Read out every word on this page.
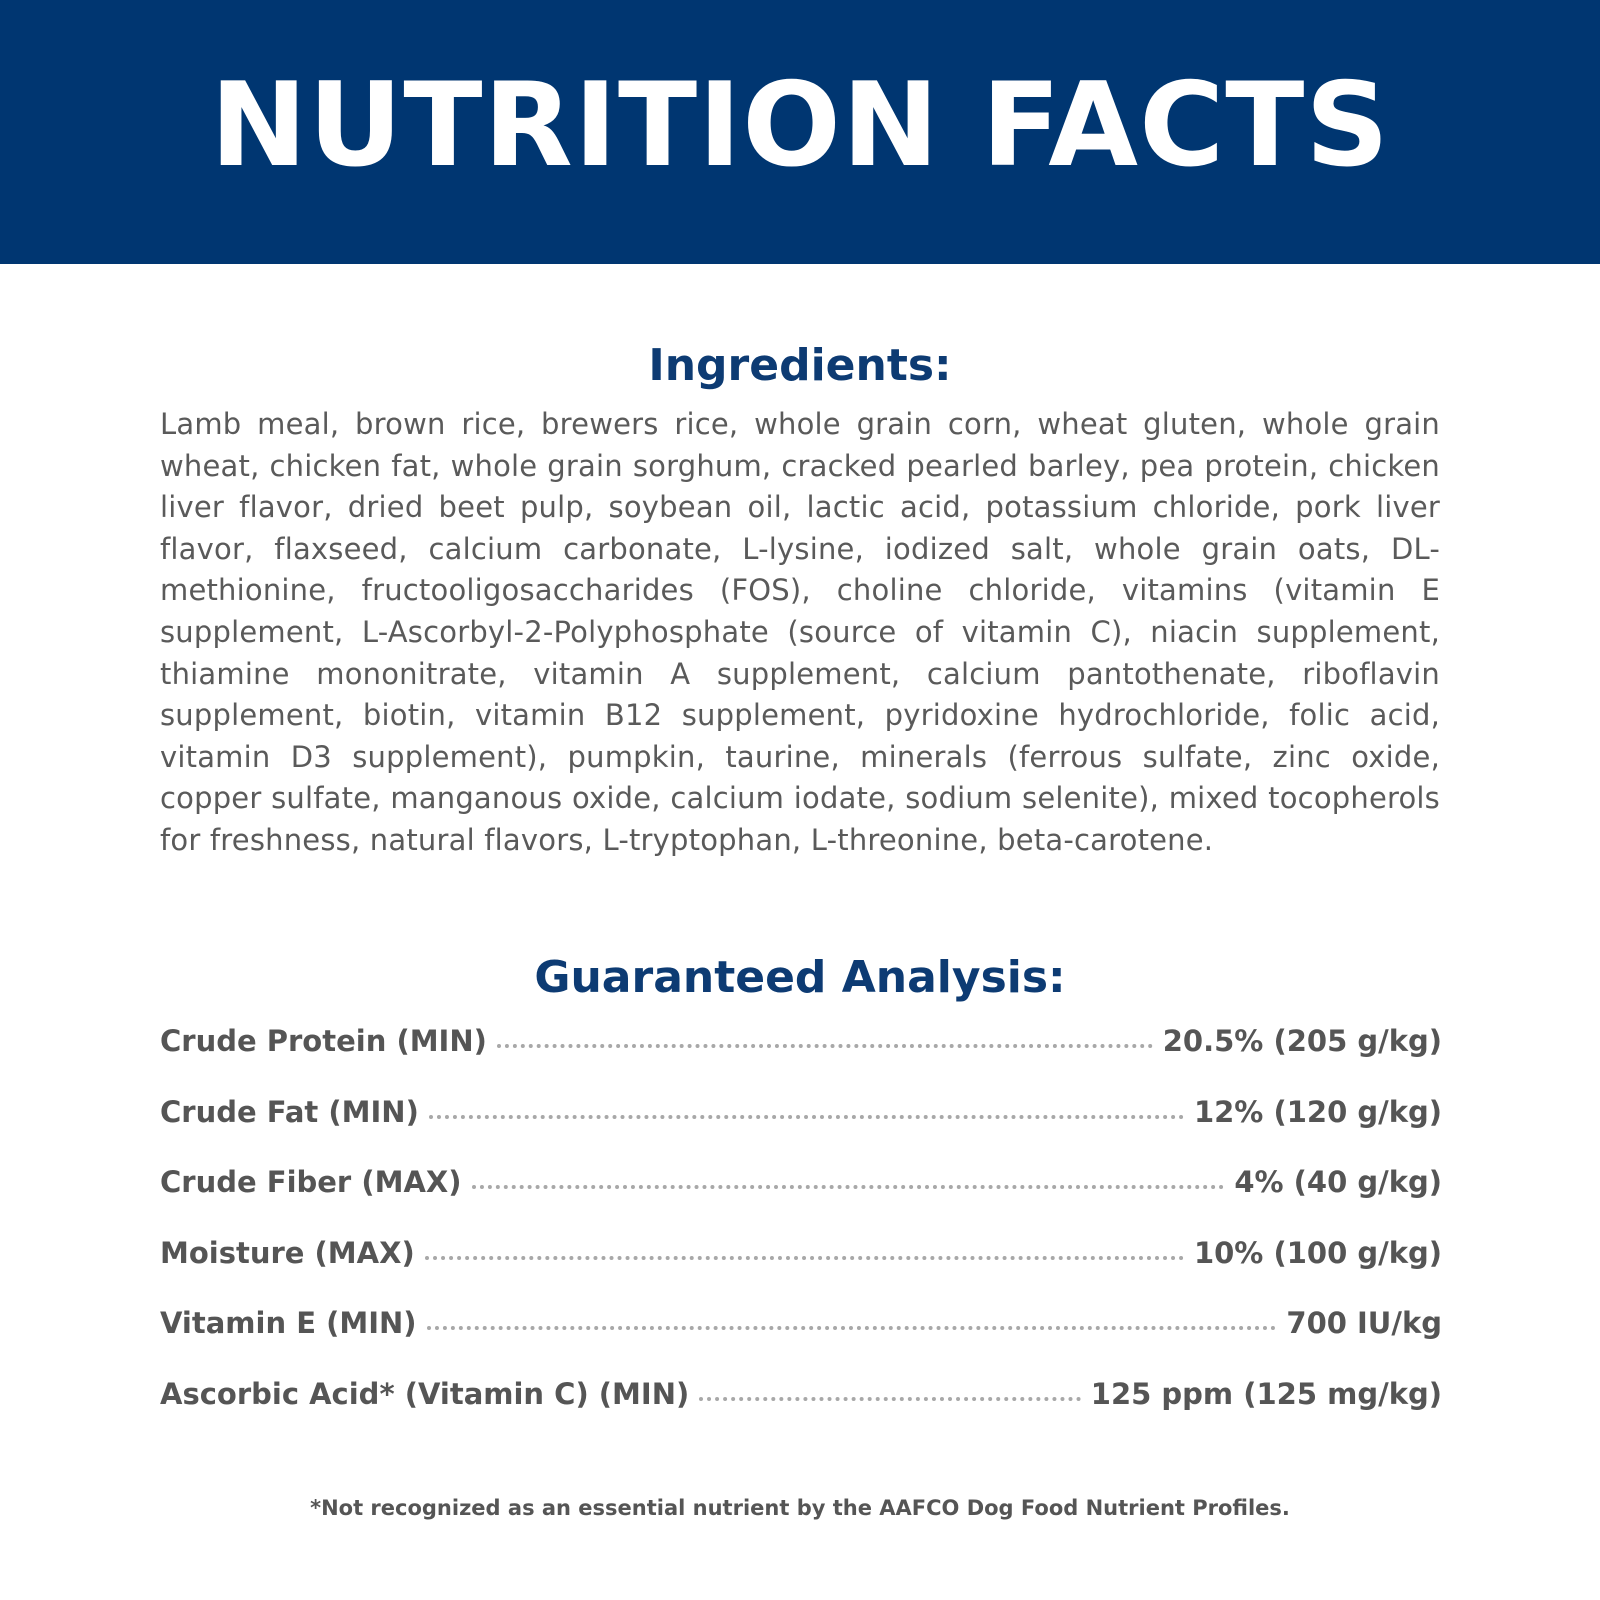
NUTRITION FACTS
Ingredients:

Lamb meal, brown rice, brewers rice, whole grain corn, wheat gluten, whole grain wheat, chicken fat, whole grain sorghum, cracked pearled barley, pea protein, chicken liver flavor, dried beet pulp, soybean oil, lactic acid, potassium chloride, pork liver flavor, flaxseed, calcium carbonate, L-lysine, iodized salt, whole grain oats, DL-methionine, fructooligosaccharides (FOS), choline chloride, vitamins (vitamin E supplement, L-Ascorbyl-2-Polyphosphate (source of vitamin C), niacin supplement, thiamine mononitrate, vitamin A supplement, calcium pantothenate, riboflavin supplement, biotin, vitamin B12 supplement, pyridoxine hydrochloride, folic acid, vitamin D3 supplement), pumpkin, taurine, minerals (ferrous sulfate, zinc oxide, copper sulfate, manganous oxide, calcium iodate, sodium selenite), mixed tocopherols for freshness, natural flavors, L-tryptophan, L-threonine, beta-carotene.

Guaranteed Analysis:
Crude Protein (MIN)	20.5% (205 g/kg)
Crude Fat (MIN)	12% (120 g/kg)
Crude Fiber (MAX)	4% (40 g/kg)
Moisture (MAX)	10% (100 g/kg)
Vitamin E (MIN)	700 IU/kg
Ascorbic Acid* (Vitamin C) (MIN)	125 ppm (125 mg/kg)
*Not recognized as an essential nutrient by the AAFCO Dog Food Nutrient Profiles.
